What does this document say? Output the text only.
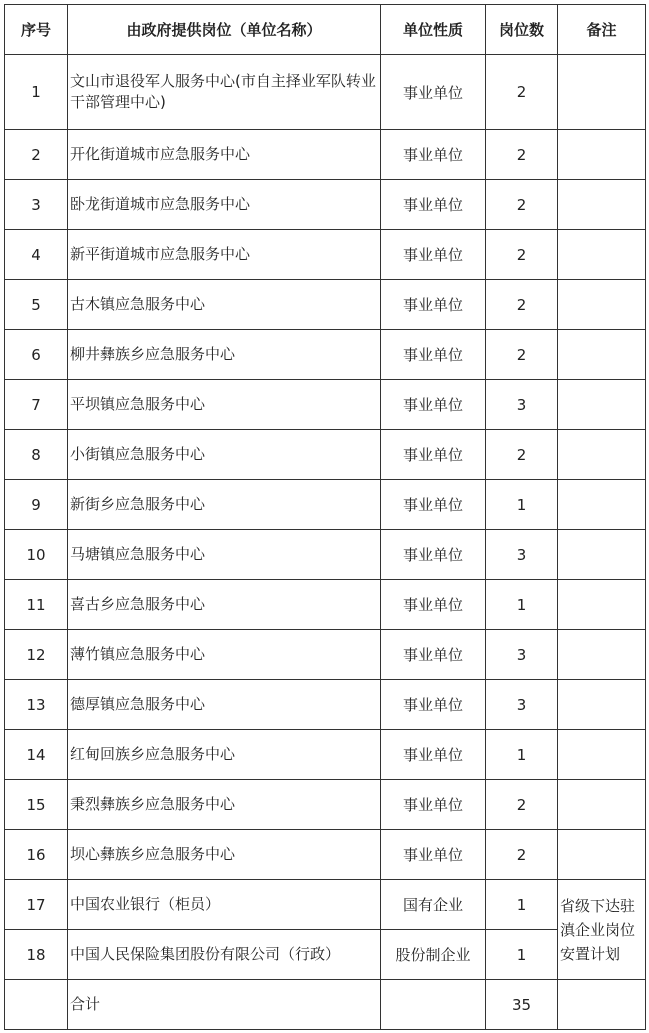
序号	由政府提供岗位（单位名称）	单位性质	岗位数	备注
1	文山市退役军人服务中心(市自主择业军队转业干部管理中心)	事业单位	2	
2	开化街道城市应急服务中心	事业单位	2	
3	卧龙街道城市应急服务中心	事业单位	2	
4	新平街道城市应急服务中心	事业单位	2	
5	古木镇应急服务中心	事业单位	2	
6	柳井彝族乡应急服务中心	事业单位	2	
7	平坝镇应急服务中心	事业单位	3	
8	小街镇应急服务中心	事业单位	2	
9	新街乡应急服务中心	事业单位	1	
10	马塘镇应急服务中心	事业单位	3	
11	喜古乡应急服务中心	事业单位	1	
12	薄竹镇应急服务中心	事业单位	3	
13	德厚镇应急服务中心	事业单位	3	
14	红甸回族乡应急服务中心	事业单位	1	
15	秉烈彝族乡应急服务中心	事业单位	2	
16	坝心彝族乡应急服务中心	事业单位	2	
17	中国农业银行（柜员）	国有企业	1	省级下达驻滇企业岗位安置计划
18	中国人民保险集团股份有限公司（行政）	股份制企业	1	
	合计		35	
